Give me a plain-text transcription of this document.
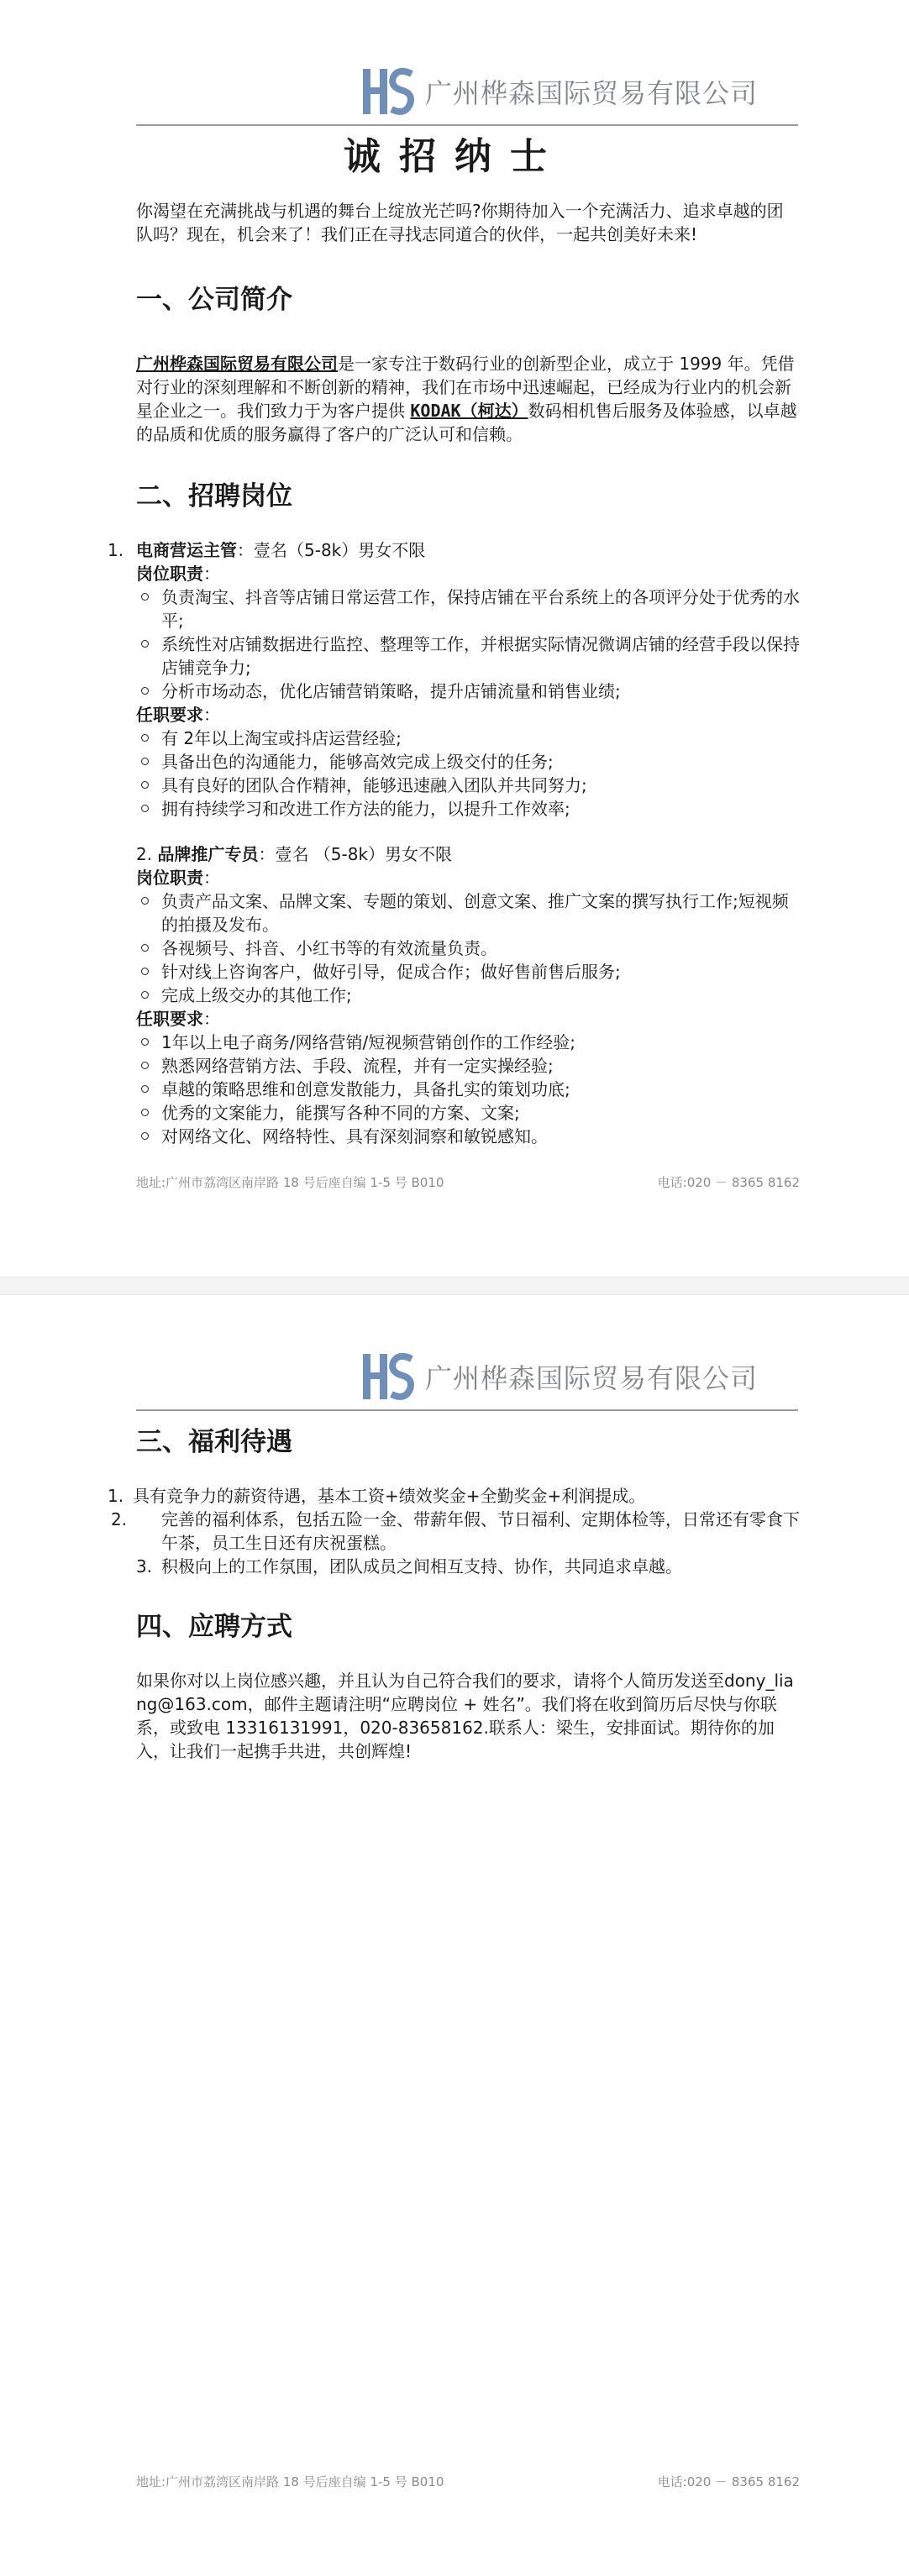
广州桦森国际贸易有限公司
诚招纳士

你渴望在充满挑战与机遇的舞台上绽放光芒吗?你期待加入一个充满活力、追求卓越的团队吗？现在，机会来了！我们正在寻找志同道合的伙伴，一起共创美好未来!

一、公司简介

广州桦森国际贸易有限公司是一家专注于数码行业的创新型企业，成立于 1999 年。凭借对行业的深刻理解和不断创新的精神，我们在市场中迅速崛起，已经成为行业内的机会新星企业之一。我们致力于为客户提供 KODAK（柯达）数码相机售后服务及体验感，以卓越的品质和优质的服务赢得了客户的广泛认可和信赖。

二、招聘岗位
1. 电商营运主管：壹名（5-8k）男女不限
岗位职责：
负责淘宝、抖音等店铺日常运营工作，保持店铺在平台系统上的各项评分处于优秀的水平;
系统性对店铺数据进行监控、整理等工作，并根据实际情况微调店铺的经营手段以保持店铺竞争力;
分析市场动态，优化店铺营销策略，提升店铺流量和销售业绩;
任职要求：
有 2年以上淘宝或抖店运营经验;
具备出色的沟通能力，能够高效完成上级交付的任务;
具有良好的团队合作精神，能够迅速融入团队并共同努力;
拥有持续学习和改进工作方法的能力，以提升工作效率;
2. 品牌推广专员：壹名 （5-8k）男女不限
岗位职责：
负责产品文案、品牌文案、专题的策划、创意文案、推广文案的撰写执行工作;短视频的拍摄及发布。
各视频号、抖音、小红书等的有效流量负责。
针对线上咨询客户，做好引导，促成合作；做好售前售后服务;
完成上级交办的其他工作;
任职要求：
1年以上电子商务/网络营销/短视频营销创作的工作经验;
熟悉网络营销方法、手段、流程，并有一定实操经验;
卓越的策略思维和创意发散能力，具备扎实的策划功底;
优秀的文案能力，能撰写各种不同的方案、文案;
对网络文化、网络特性、具有深刻洞察和敏锐感知。
地址:广州市荔湾区南岸路 18 号后座自编 1-5 号 B010	电话:020 － 8365 8162
广州桦森国际贸易有限公司
三、福利待遇
1. 具有竞争力的薪资待遇，基本工资+绩效奖金+全勤奖金+利润提成。
2. 完善的福利体系，包括五险一金、带薪年假、节日福利、定期体检等，日常还有零食下午茶，员工生日还有庆祝蛋糕。
3. 积极向上的工作氛围，团队成员之间相互支持、协作，共同追求卓越。
四、应聘方式

如果你对以上岗位感兴趣，并且认为自己符合我们的要求，请将个人简历发送至dony_liang@163.com，邮件主题请注明“应聘岗位 + 姓名”。我们将在收到简历后尽快与你联系，或致电 13316131991，020-83658162.联系人：梁生，安排面试。期待你的加入，让我们一起携手共进，共创辉煌!

地址:广州市荔湾区南岸路 18 号后座自编 1-5 号 B010	电话:020 － 8365 8162
